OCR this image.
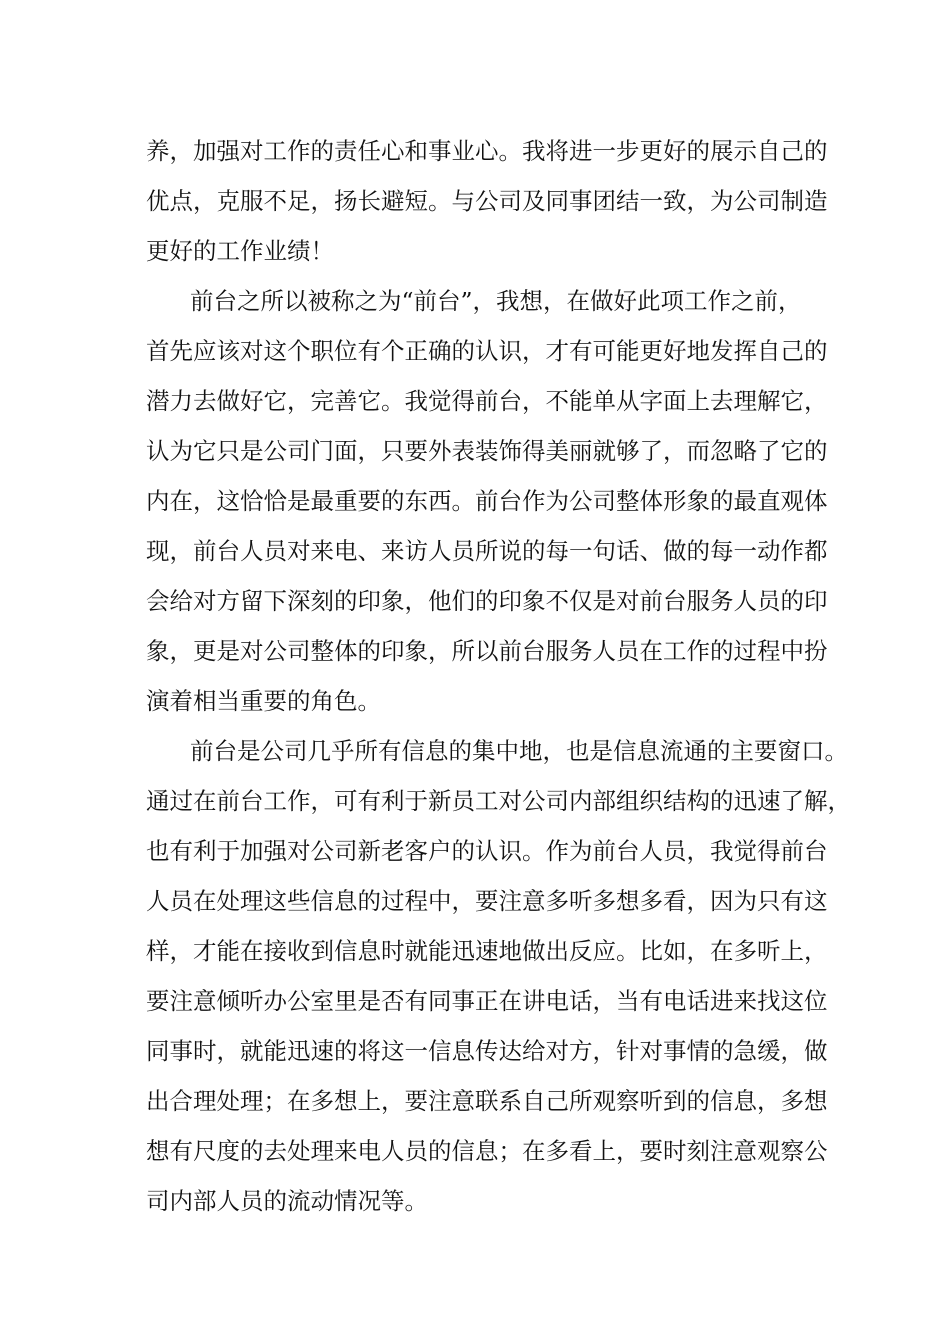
养，加强对工作的责任心和事业心。我将进一步更好的展示自己的
优点，克服不足，扬长避短。与公司及同事团结一致，为公司制造
更好的工作业绩！
前台之所以被称之为“前台”，我想，在做好此项工作之前，
首先应该对这个职位有个正确的认识，才有可能更好地发挥自己的
潜力去做好它，完善它。我觉得前台，不能单从字面上去理解它，
认为它只是公司门面，只要外表装饰得美丽就够了，而忽略了它的
内在，这恰恰是最重要的东西。前台作为公司整体形象的最直观体
现，前台人员对来电、来访人员所说的每一句话、做的每一动作都
会给对方留下深刻的印象，他们的印象不仅是对前台服务人员的印
象，更是对公司整体的印象，所以前台服务人员在工作的过程中扮
演着相当重要的角色。
前台是公司几乎所有信息的集中地，也是信息流通的主要窗口。
通过在前台工作，可有利于新员工对公司内部组织结构的迅速了解，
也有利于加强对公司新老客户的认识。作为前台人员，我觉得前台
人员在处理这些信息的过程中，要注意多听多想多看，因为只有这
样，才能在接收到信息时就能迅速地做出反应。比如，在多听上，
要注意倾听办公室里是否有同事正在讲电话，当有电话进来找这位
同事时，就能迅速的将这一信息传达给对方，针对事情的急缓，做
出合理处理；在多想上，要注意联系自己所观察听到的信息，多想
想有尺度的去处理来电人员的信息；在多看上，要时刻注意观察公
司内部人员的流动情况等。
